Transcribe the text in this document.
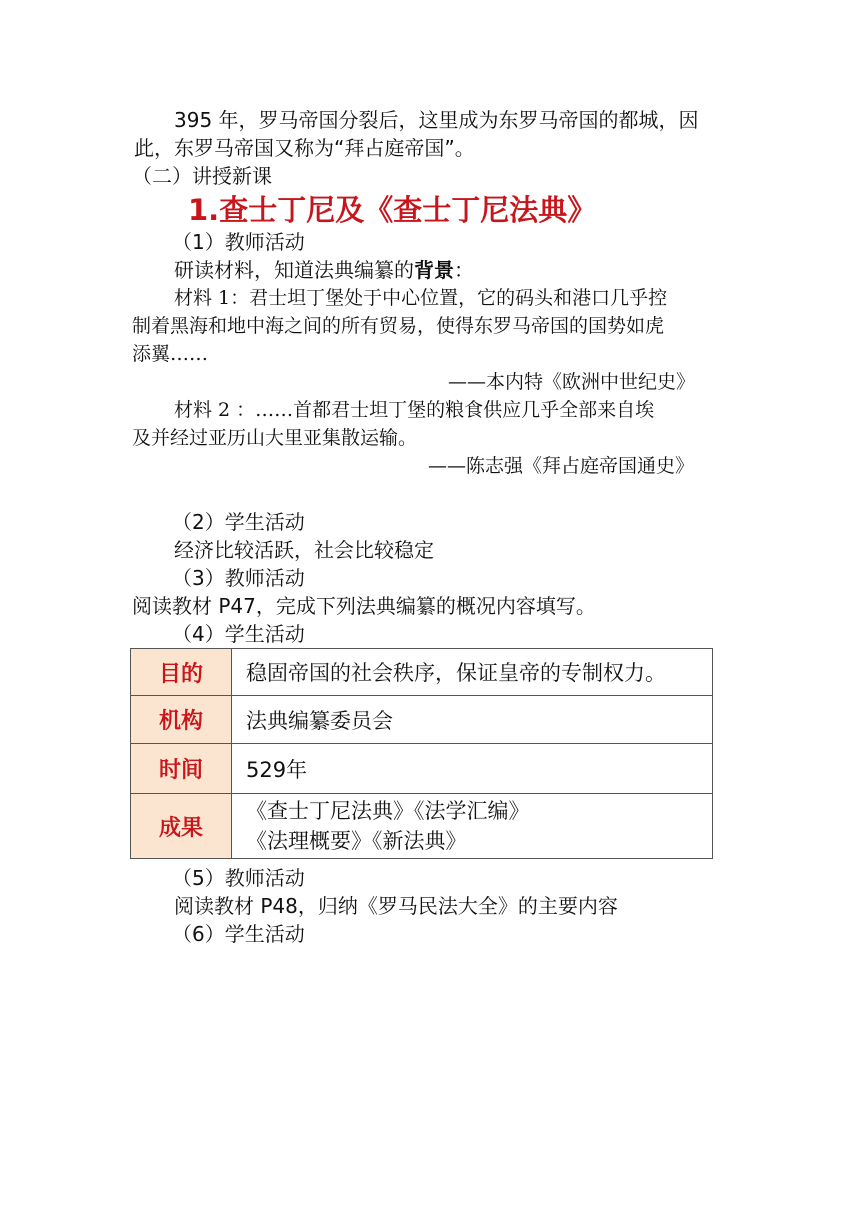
395 年，罗马帝国分裂后，这里成为东罗马帝国的都城，因
此，东罗马帝国又称为“拜占庭帝国”。
（二）讲授新课
1.查士丁尼及《查士丁尼法典》
（1）教师活动
研读材料，知道法典编纂的背景：
材料 1：君士坦丁堡处于中心位置，它的码头和港口几乎控
制着黑海和地中海之间的所有贸易，使得东罗马帝国的国势如虎
添翼……
——本内特《欧洲中世纪史》
材料 2 ：……首都君士坦丁堡的粮食供应几乎全部来自埃
及并经过亚历山大里亚集散运输。
——陈志强《拜占庭帝国通史》
（2）学生活动
经济比较活跃，社会比较稳定
（3）教师活动
阅读教材 P47，完成下列法典编纂的概况内容填写。
（4）学生活动
目的	稳固帝国的社会秩序，保证皇帝的专制权力。
机构	法典编纂委员会
时间	529年
成果	《查士丁尼法典》《法学汇编》
《法理概要》《新法典》
（5）教师活动
阅读教材 P48，归纳《罗马民法大全》的主要内容
（6）学生活动
